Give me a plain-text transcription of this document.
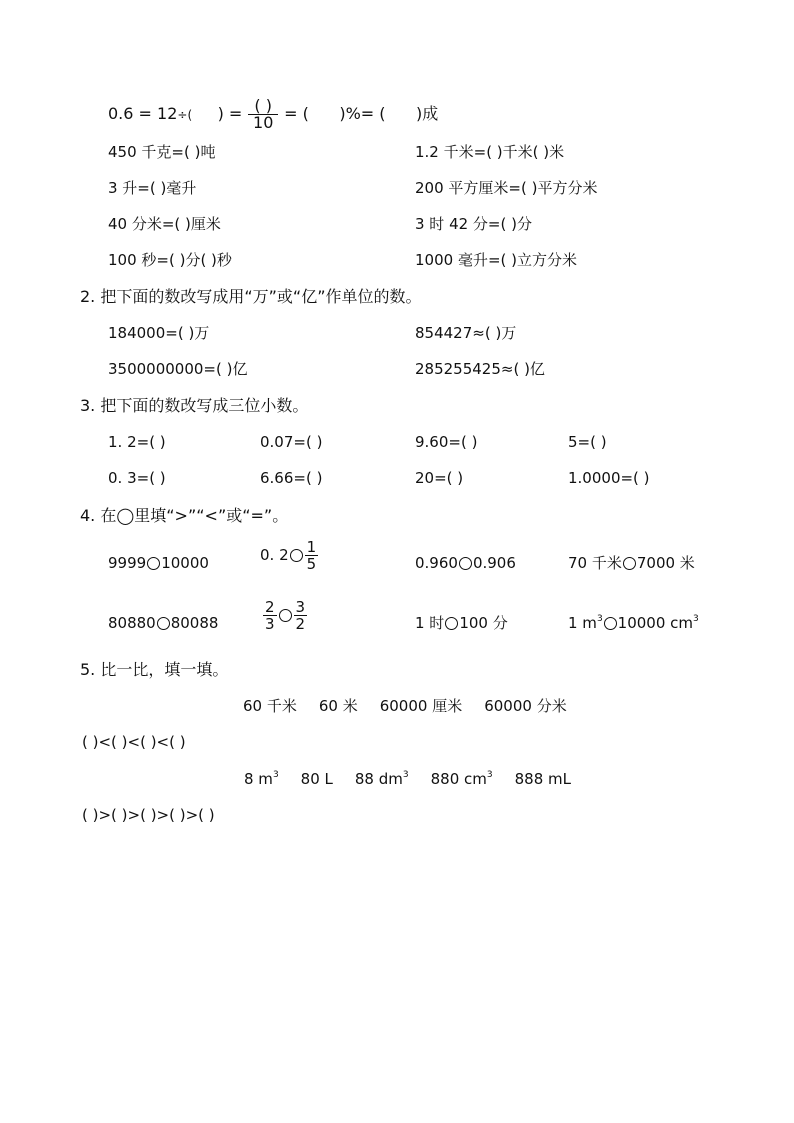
0.6 = 12÷( ) = $\frac{( )}{10}$ = ( )%= ( )成
450 千克=( )吨	1.2 千米=( )千米( )米
3 升=( )毫升	200 平方厘米=( )平方分米
40 分米=( )厘米	3 时 42 分=( )分
100 秒=( )分( )秒	1000 毫升=( )立方分米
2. 把下面的数改写成用“万”或“亿”作单位的数。
184000=( )万	854427≈( )万
3500000000=( )亿	285255425≈( )亿
3. 把下面的数改写成三位小数。
1. 2=( )	0.07=( )	9.60=( )	5=( )
0. 3=( )	6.66=( )	20=( )	1.0000=( )
4. 在◯里填“>”“<”或“=”。
9999 10000	0. $2 \frac{1}{5}$	0.960 0.906	70 千米 7000 米
80880 80088	$\frac{2}{3} \frac{3}{2}$	1 时 100 分	1 $m^3$ 10000 $cm^3$
5. 比一比，填一填。
60 千米 60 米 60000 厘米 60000 分米
( )<( )<( )<( )
8 $m^3$ 80 L 88 $dm^3$ 880 $cm^3$ 888 mL
( )>( )>( )>( )>( )
